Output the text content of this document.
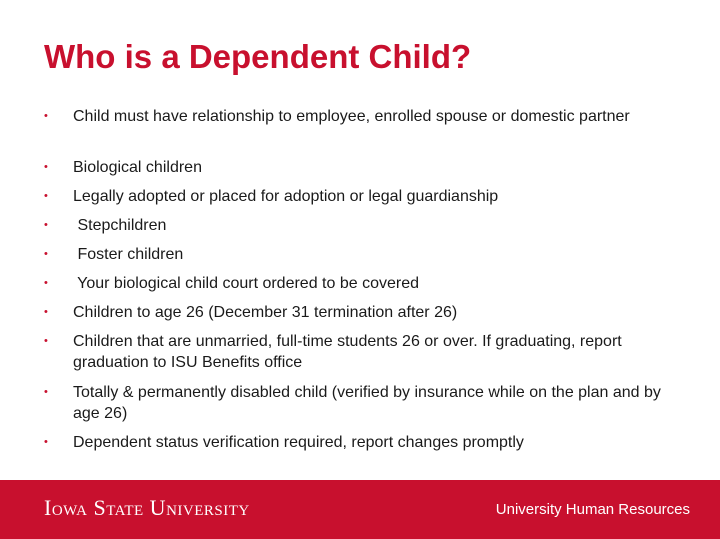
Who is a Dependent Child?
• Child must have relationship to employee, enrolled spouse or domestic partner
• Biological children
• Legally adopted or placed for adoption or legal guardianship
• Stepchildren
• Foster children
• Your biological child court ordered to be covered
• Children to age 26 (December 31 termination after 26)
• Children that are unmarried, full-time students 26 or over. If graduating, report graduation to ISU Benefits office
• Totally & permanently disabled child (verified by insurance while on the plan and by age 26)
• Dependent status verification required, report changes promptly
Iowa State University	University Human Resources
